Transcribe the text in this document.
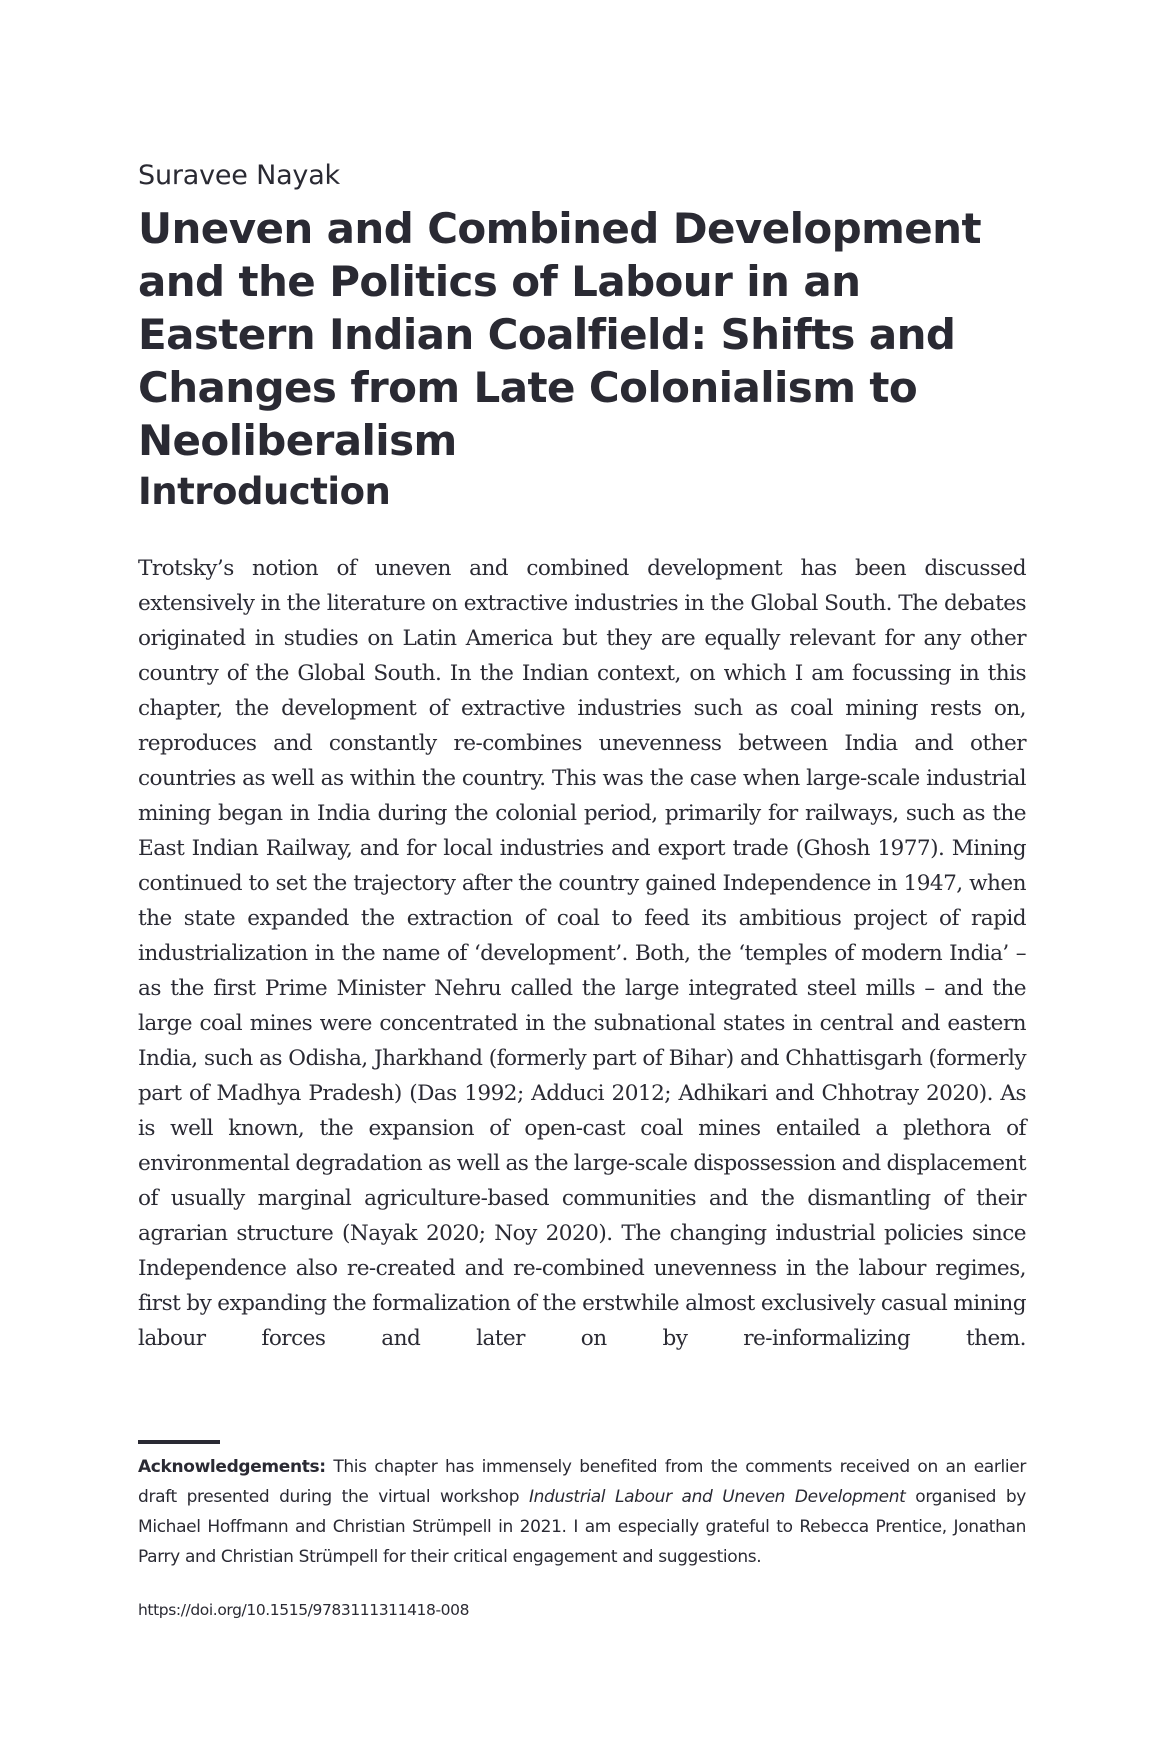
Suravee Nayak

Uneven and Combined Development and the Politics of Labour in an Eastern Indian Coalfield: Shifts and Changes from Late Colonialism to Neoliberalism
Introduction

Trotsky’s notion of uneven and combined development has been discussed extensively in the literature on extractive industries in the Global South. The debates originated in studies on Latin America but they are equally relevant for any other country of the Global South. In the Indian context, on which I am focussing in this chapter, the development of extractive industries such as coal mining rests on, reproduces and constantly re-combines unevenness between India and other countries as well as within the country. This was the case when large-scale industrial mining began in India during the colonial period, primarily for railways, such as the East Indian Railway, and for local industries and export trade (Ghosh 1977). Mining continued to set the trajectory after the country gained Independence in 1947, when the state expanded the extraction of coal to feed its ambitious project of rapid industrialization in the name of ‘development’. Both, the ‘temples of modern India’ – as the first Prime Minister Nehru called the large integrated steel mills – and the large coal mines were concentrated in the subnational states in central and eastern India, such as Odisha, Jharkhand (formerly part of Bihar) and Chhattisgarh (formerly part of Madhya Pradesh) (Das 1992; Adduci 2012; Adhikari and Chhotray 2020). As is well known, the expansion of open-cast coal mines entailed a plethora of environmental degradation as well as the large-scale dispossession and displacement of usually marginal agriculture-based communities and the dismantling of their agrarian structure (Nayak 2020; Noy 2020). The changing industrial policies since Independence also re-created and re-combined unevenness in the labour regimes, first by expanding the formalization of the erstwhile almost exclusively casual mining labour forces and later on by re-informalizing them.

Acknowledgements: This chapter has immensely benefited from the comments received on an earlier draft presented during the virtual workshop Industrial Labour and Uneven Development organised by Michael Hoffmann and Christian Strümpell in 2021. I am especially grateful to Rebecca Prentice, Jonathan Parry and Christian Strümpell for their critical engagement and suggestions.

https://doi.org/10.1515/9783111311418-008
